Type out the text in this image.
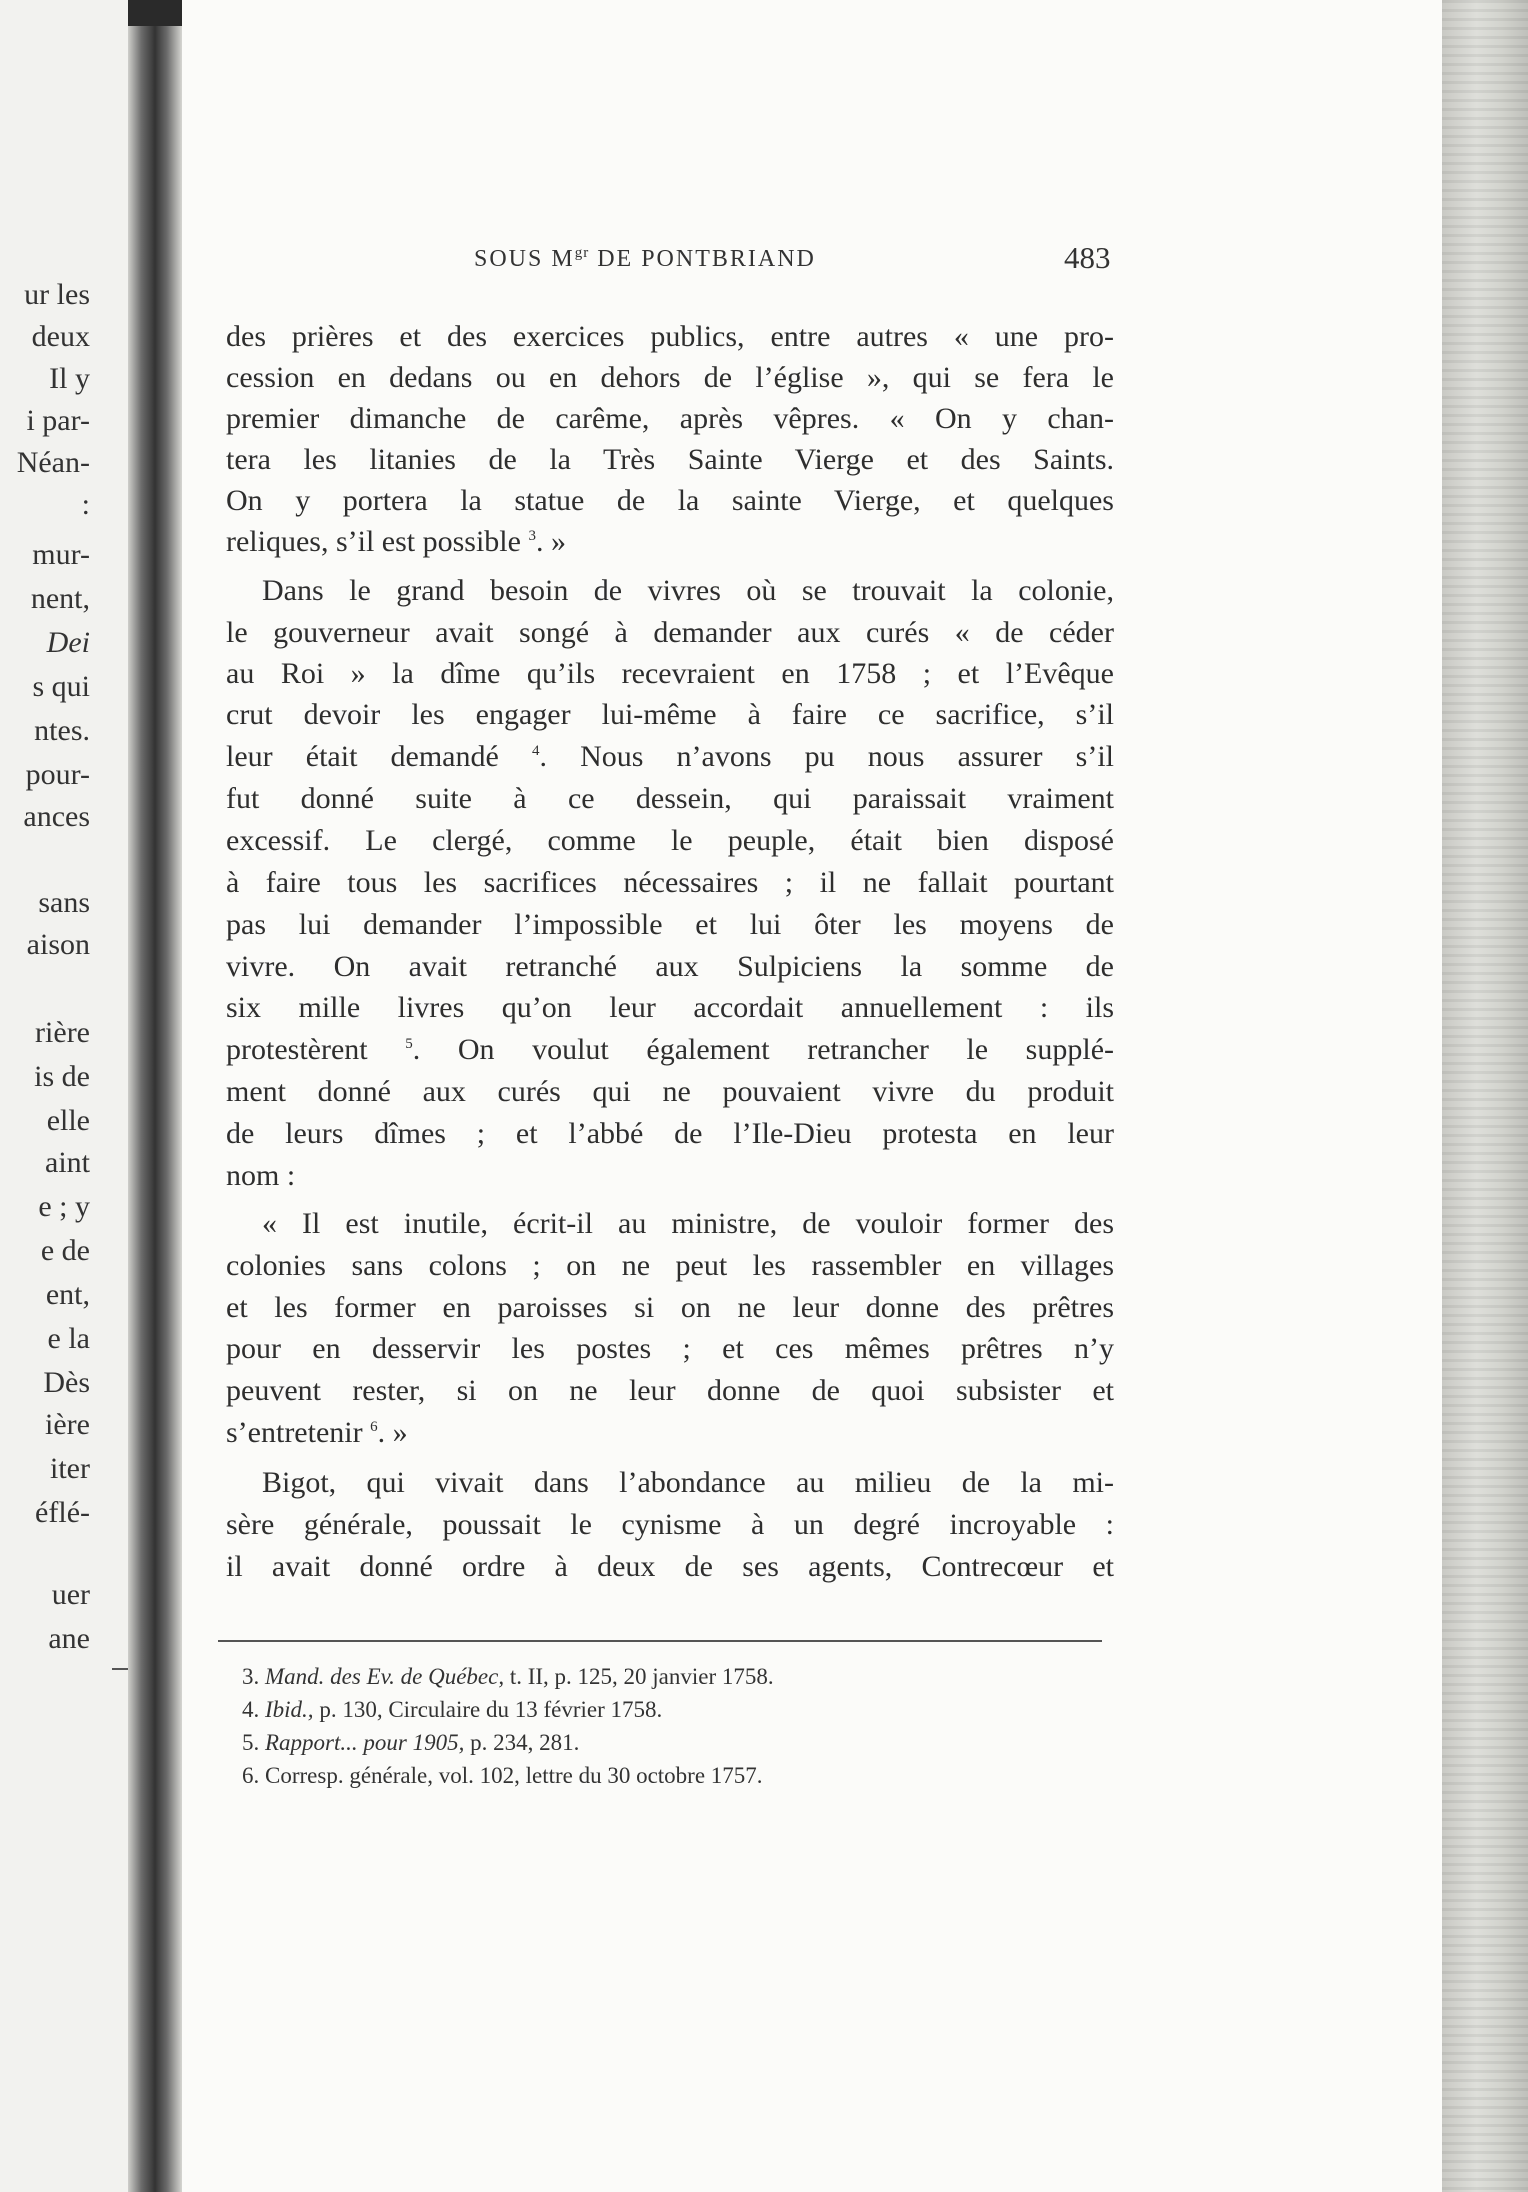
ur les
deux
Il y
i par-
Néan-
:
mur-
nent,
Dei
s qui
ntes.
pour-
ances
sans
aison
rière
is de
elle
aint
e ; y
e de
ent,
e la
Dès
ière
iter
éflé-
uer
ane
SOUS $M^{gr}$ DE PONTBRIAND	483
des prières et des exercices publics, entre autres « une pro-
cession en dedans ou en dehors de l’église », qui se fera le
premier dimanche de carême, après vêpres. « On y chan-
tera les litanies de la Très Sainte Vierge et des Saints.
On y portera la statue de la sainte Vierge, et quelques
reliques, s’il est possible $^3$. »
Dans le grand besoin de vivres où se trouvait la colonie,
le gouverneur avait songé à demander aux curés « de céder
au Roi » la dîme qu’ils recevraient en 1758 ; et l’Evêque
crut devoir les engager lui-même à faire ce sacrifice, s’il
leur était demandé $^4$. Nous n’avons pu nous assurer s’il
fut donné suite à ce dessein, qui paraissait vraiment
excessif. Le clergé, comme le peuple, était bien disposé
à faire tous les sacrifices nécessaires ; il ne fallait pourtant
pas lui demander l’impossible et lui ôter les moyens de
vivre. On avait retranché aux Sulpiciens la somme de
six mille livres qu’on leur accordait annuellement : ils
protestèrent $^5$. On voulut également retrancher le supplé-
ment donné aux curés qui ne pouvaient vivre du produit
de leurs dîmes ; et l’abbé de l’Ile-Dieu protesta en leur
nom :
« Il est inutile, écrit-il au ministre, de vouloir former des
colonies sans colons ; on ne peut les rassembler en villages
et les former en paroisses si on ne leur donne des prêtres
pour en desservir les postes ; et ces mêmes prêtres n’y
peuvent rester, si on ne leur donne de quoi subsister et
s’entretenir $^6$. »
Bigot, qui vivait dans l’abondance au milieu de la mi-
sère générale, poussait le cynisme à un degré incroyable :
il avait donné ordre à deux de ses agents, Contrecœur et
3. Mand. des Ev. de Québec, t. II, p. 125, 20 janvier 1758.
4. Ibid., p. 130, Circulaire du 13 février 1758.
5. Rapport... pour 1905, p. 234, 281.
6. Corresp. générale, vol. 102, lettre du 30 octobre 1757.
